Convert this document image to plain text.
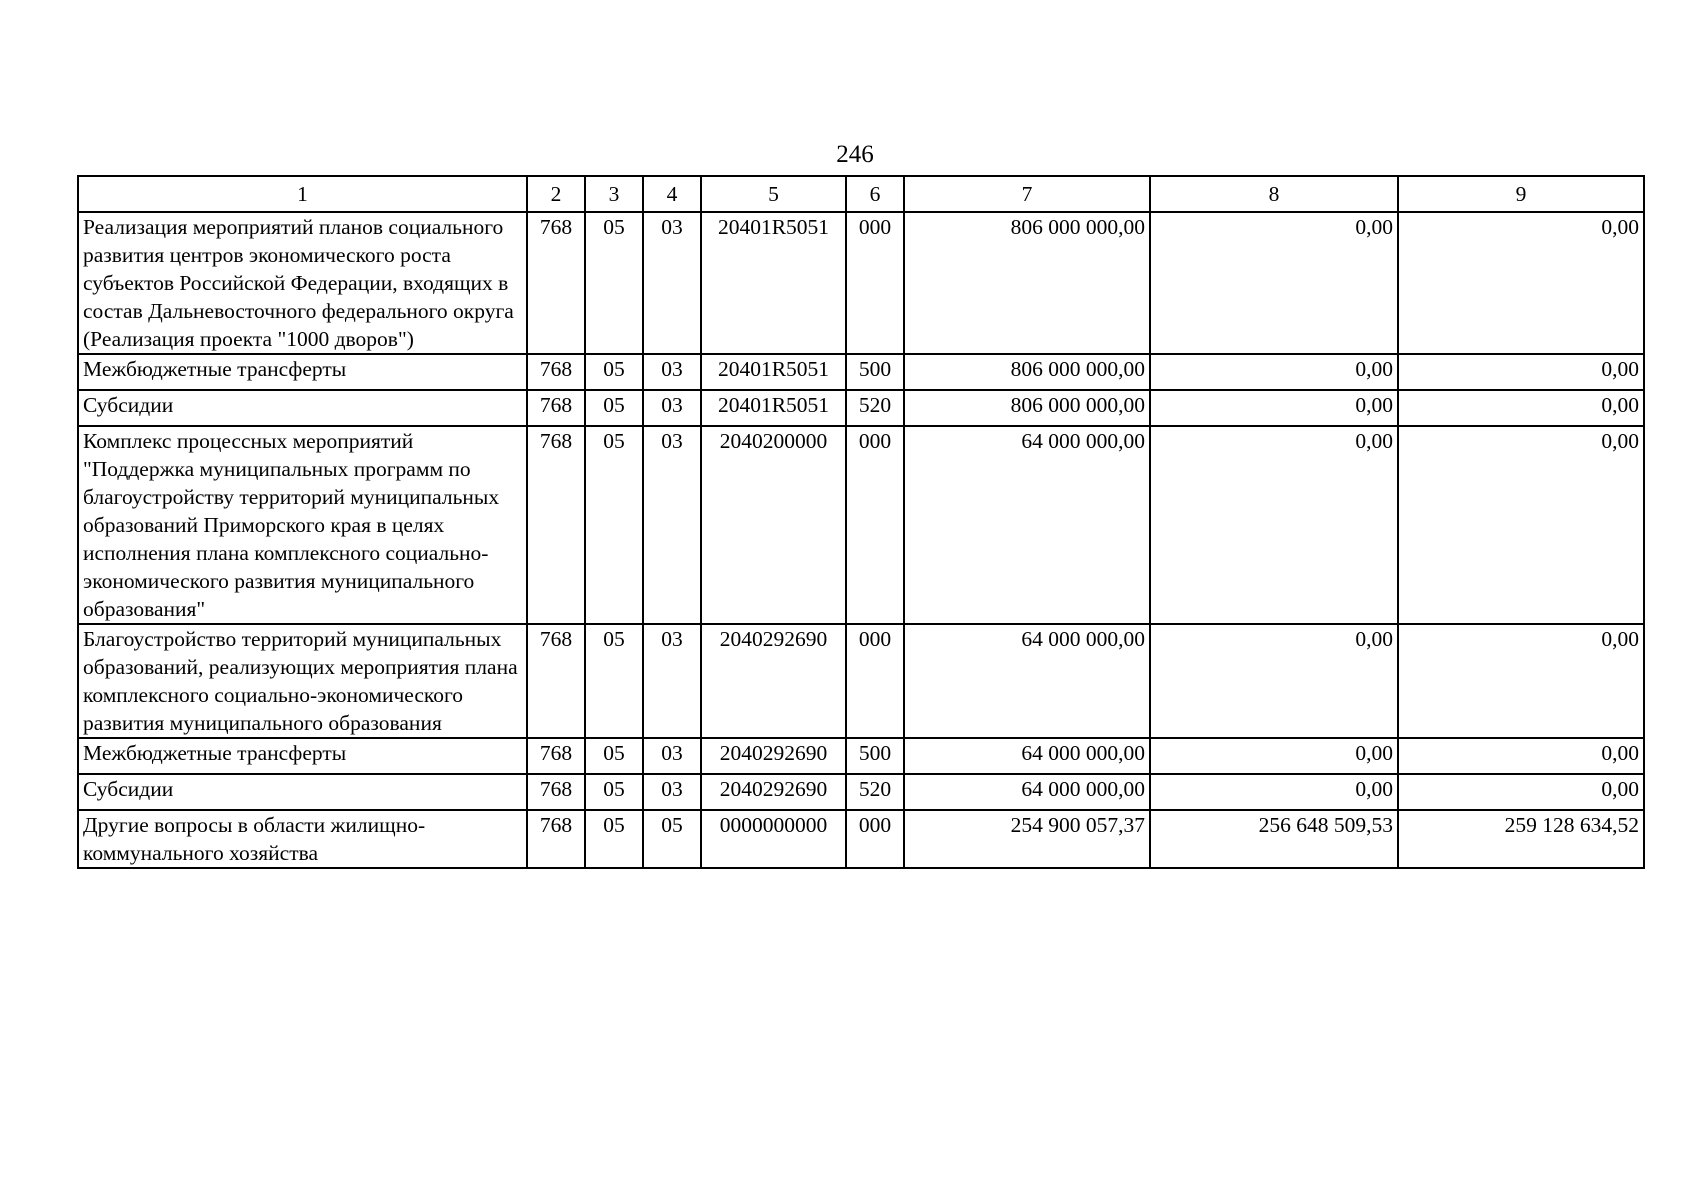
246
1	2	3	4	5	6	7	8	9
Реализация мероприятий планов социального развития центров экономического роста субъектов Российской Федерации, входящих в состав Дальневосточного федерального округа (Реализация проекта "1000 дворов")	768	05	03	20401R5051	000	806 000 000,00	0,00	0,00
Межбюджетные трансферты	768	05	03	20401R5051	500	806 000 000,00	0,00	0,00
Субсидии	768	05	03	20401R5051	520	806 000 000,00	0,00	0,00
Комплекс процессных мероприятий "Поддержка муниципальных программ по благоустройству территорий муниципальных образований Приморского края в целях исполнения плана комплексного социально-экономического развития муниципального образования"	768	05	03	2040200000	000	64 000 000,00	0,00	0,00
Благоустройство территорий муниципальных образований, реализующих мероприятия плана комплексного социально-экономического развития муниципального образования	768	05	03	2040292690	000	64 000 000,00	0,00	0,00
Межбюджетные трансферты	768	05	03	2040292690	500	64 000 000,00	0,00	0,00
Субсидии	768	05	03	2040292690	520	64 000 000,00	0,00	0,00
Другие вопросы в области жилищно-коммунального хозяйства	768	05	05	0000000000	000	254 900 057,37	256 648 509,53	259 128 634,52
